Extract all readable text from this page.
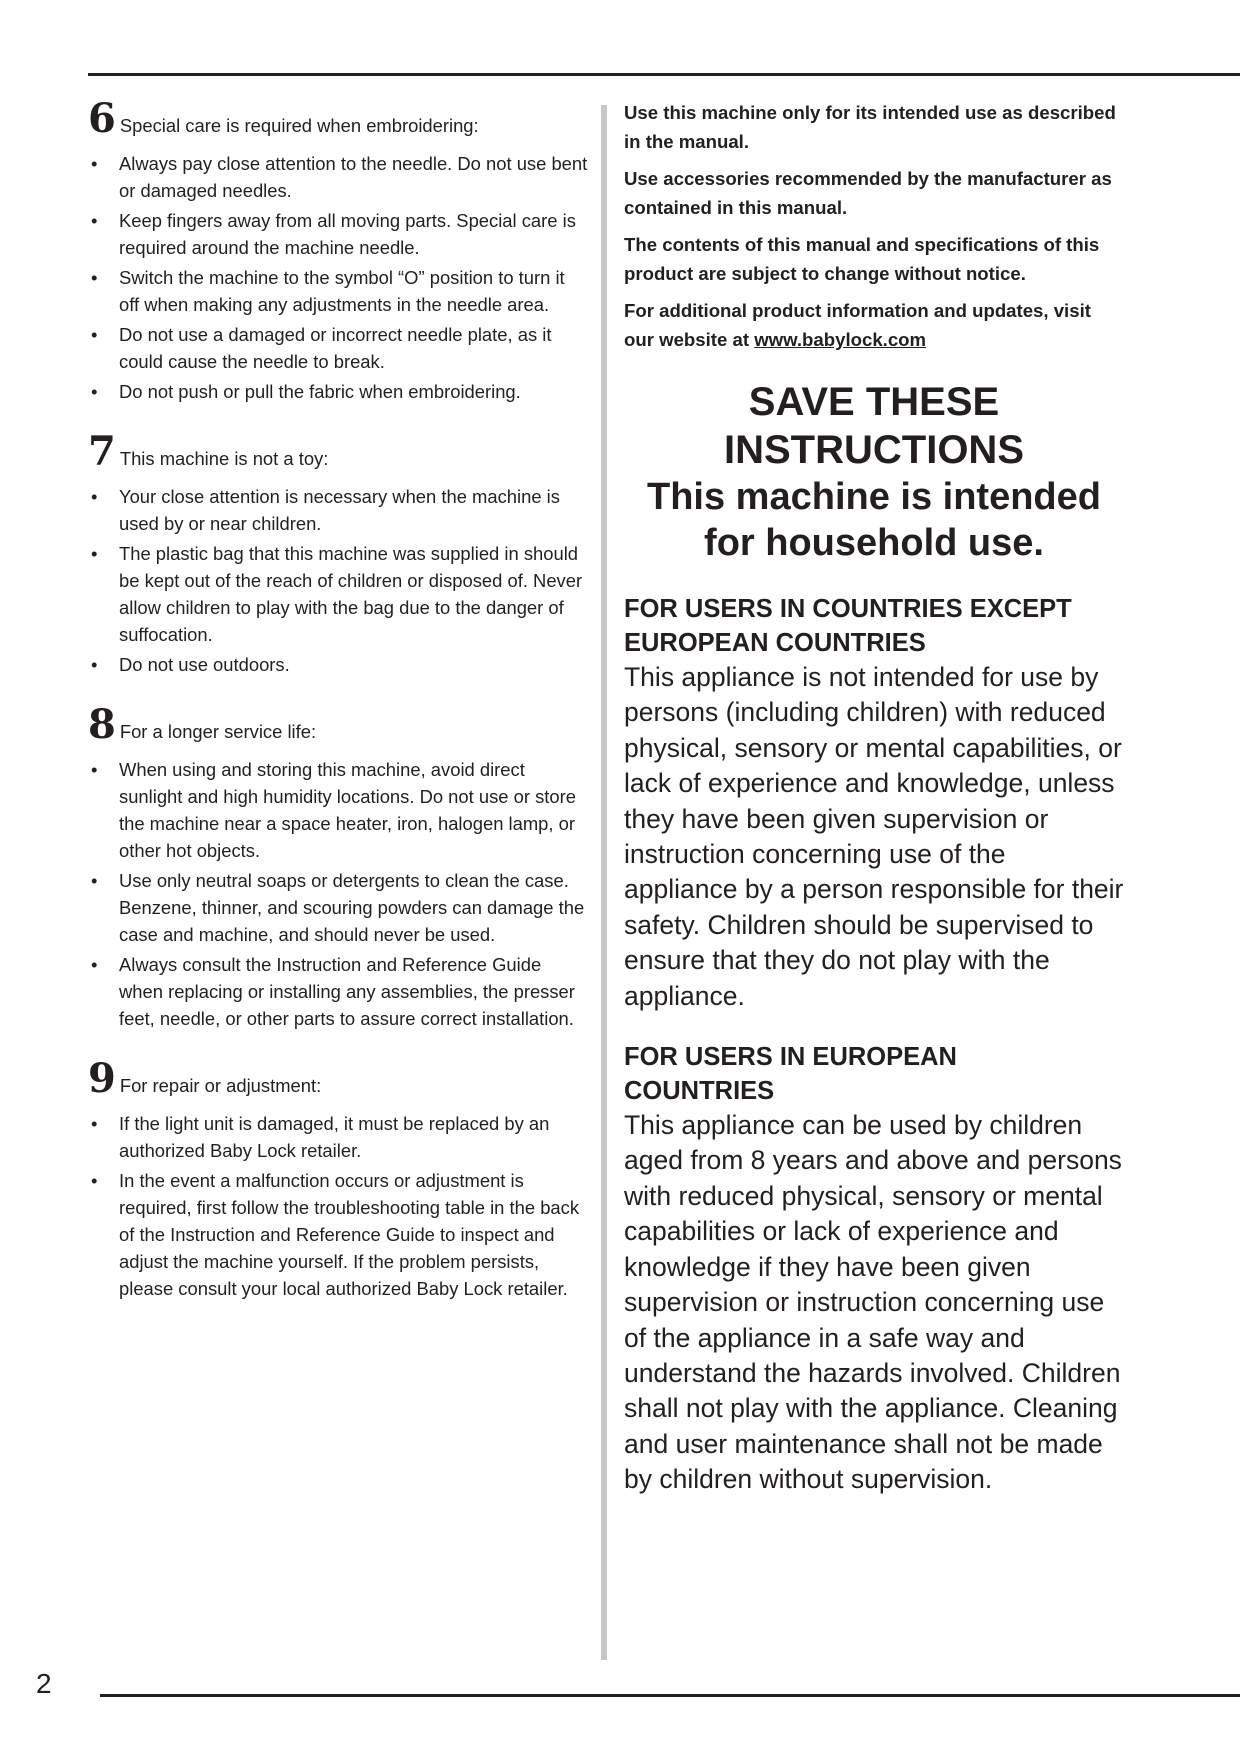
6 Special care is required when embroidering:
• Always pay close attention to the needle. Do not use bent or damaged needles.
• Keep fingers away from all moving parts. Special care is required around the machine needle.
• Switch the machine to the symbol “O” position to turn it off when making any adjustments in the needle area.
• Do not use a damaged or incorrect needle plate, as it could cause the needle to break.
• Do not push or pull the fabric when embroidering.
7 This machine is not a toy:
• Your close attention is necessary when the machine is used by or near children.
• The plastic bag that this machine was supplied in should be kept out of the reach of children or disposed of. Never allow children to play with the bag due to the danger of suffocation.
• Do not use outdoors.
8 For a longer service life:
• When using and storing this machine, avoid direct sunlight and high humidity locations. Do not use or store the machine near a space heater, iron, halogen lamp, or other hot objects.
• Use only neutral soaps or detergents to clean the case. Benzene, thinner, and scouring powders can damage the case and machine, and should never be used.
• Always consult the Instruction and Reference Guide when replacing or installing any assemblies, the presser feet, needle, or other parts to assure correct installation.
9 For repair or adjustment:
• If the light unit is damaged, it must be replaced by an authorized Baby Lock retailer.
• In the event a malfunction occurs or adjustment is required, first follow the troubleshooting table in the back of the Instruction and Reference Guide to inspect and adjust the machine yourself. If the problem persists, please consult your local authorized Baby Lock retailer.

Use this machine only for its intended use as described in the manual.

Use accessories recommended by the manufacturer as contained in this manual.

The contents of this manual and specifications of this product are subject to change without notice.

For additional product information and updates, visit our website at www.babylock.com

SAVE THESE
INSTRUCTIONS
This machine is intended
for household use.

FOR USERS IN COUNTRIES EXCEPT

EUROPEAN COUNTRIES

This appliance is not intended for use by persons (including children) with reduced physical, sensory or mental capabilities, or lack of experience and knowledge, unless they have been given supervision or instruction concerning use of the appliance by a person responsible for their safety. Children should be supervised to ensure that they do not play with the appliance.

FOR USERS IN EUROPEAN

COUNTRIES

This appliance can be used by children aged from 8 years and above and persons with reduced physical, sensory or mental capabilities or lack of experience and knowledge if they have been given supervision or instruction concerning use of the appliance in a safe way and understand the hazards involved. Children shall not play with the appliance. Cleaning and user maintenance shall not be made by children without supervision.

2
